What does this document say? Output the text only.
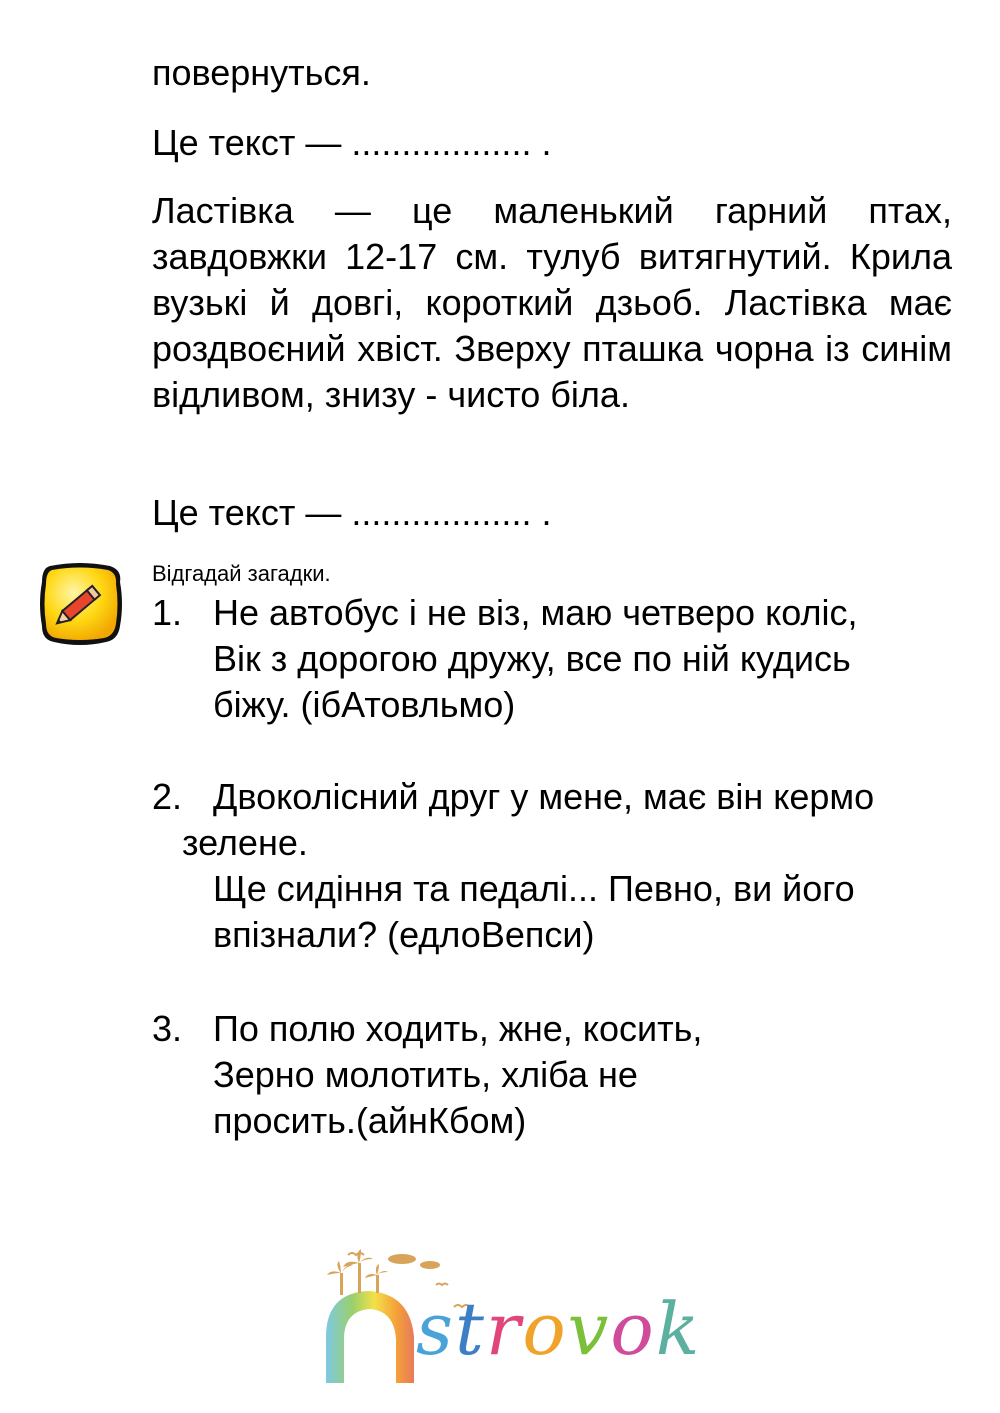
повернуться.
Це текст — .................. .
Ластівка — це маленький гарний птах, завдовжки 12-17 см. тулуб витягнутий. Крила вузькі й довгі, короткий дзьоб. Ластівка має роздвоєний хвіст. Зверху пташка чорна із синім відливом, знизу - чисто біла.
Це текст — .................. .
Відгадай загадки.
1. Не автобус і не віз, маю четверо коліс,
Вік з дорогою дружу, все по ній кудись
біжу. (ібАтовльмо)
2. Двоколісний друг у мене, має він кермо
зелене.
Ще сидіння та педалі... Певно, ви його
впізнали? (едлоВепси)
3. По полю ходить, жне, косить,
Зерно молотить, хліба не
просить.(айнКбом)
strovok
